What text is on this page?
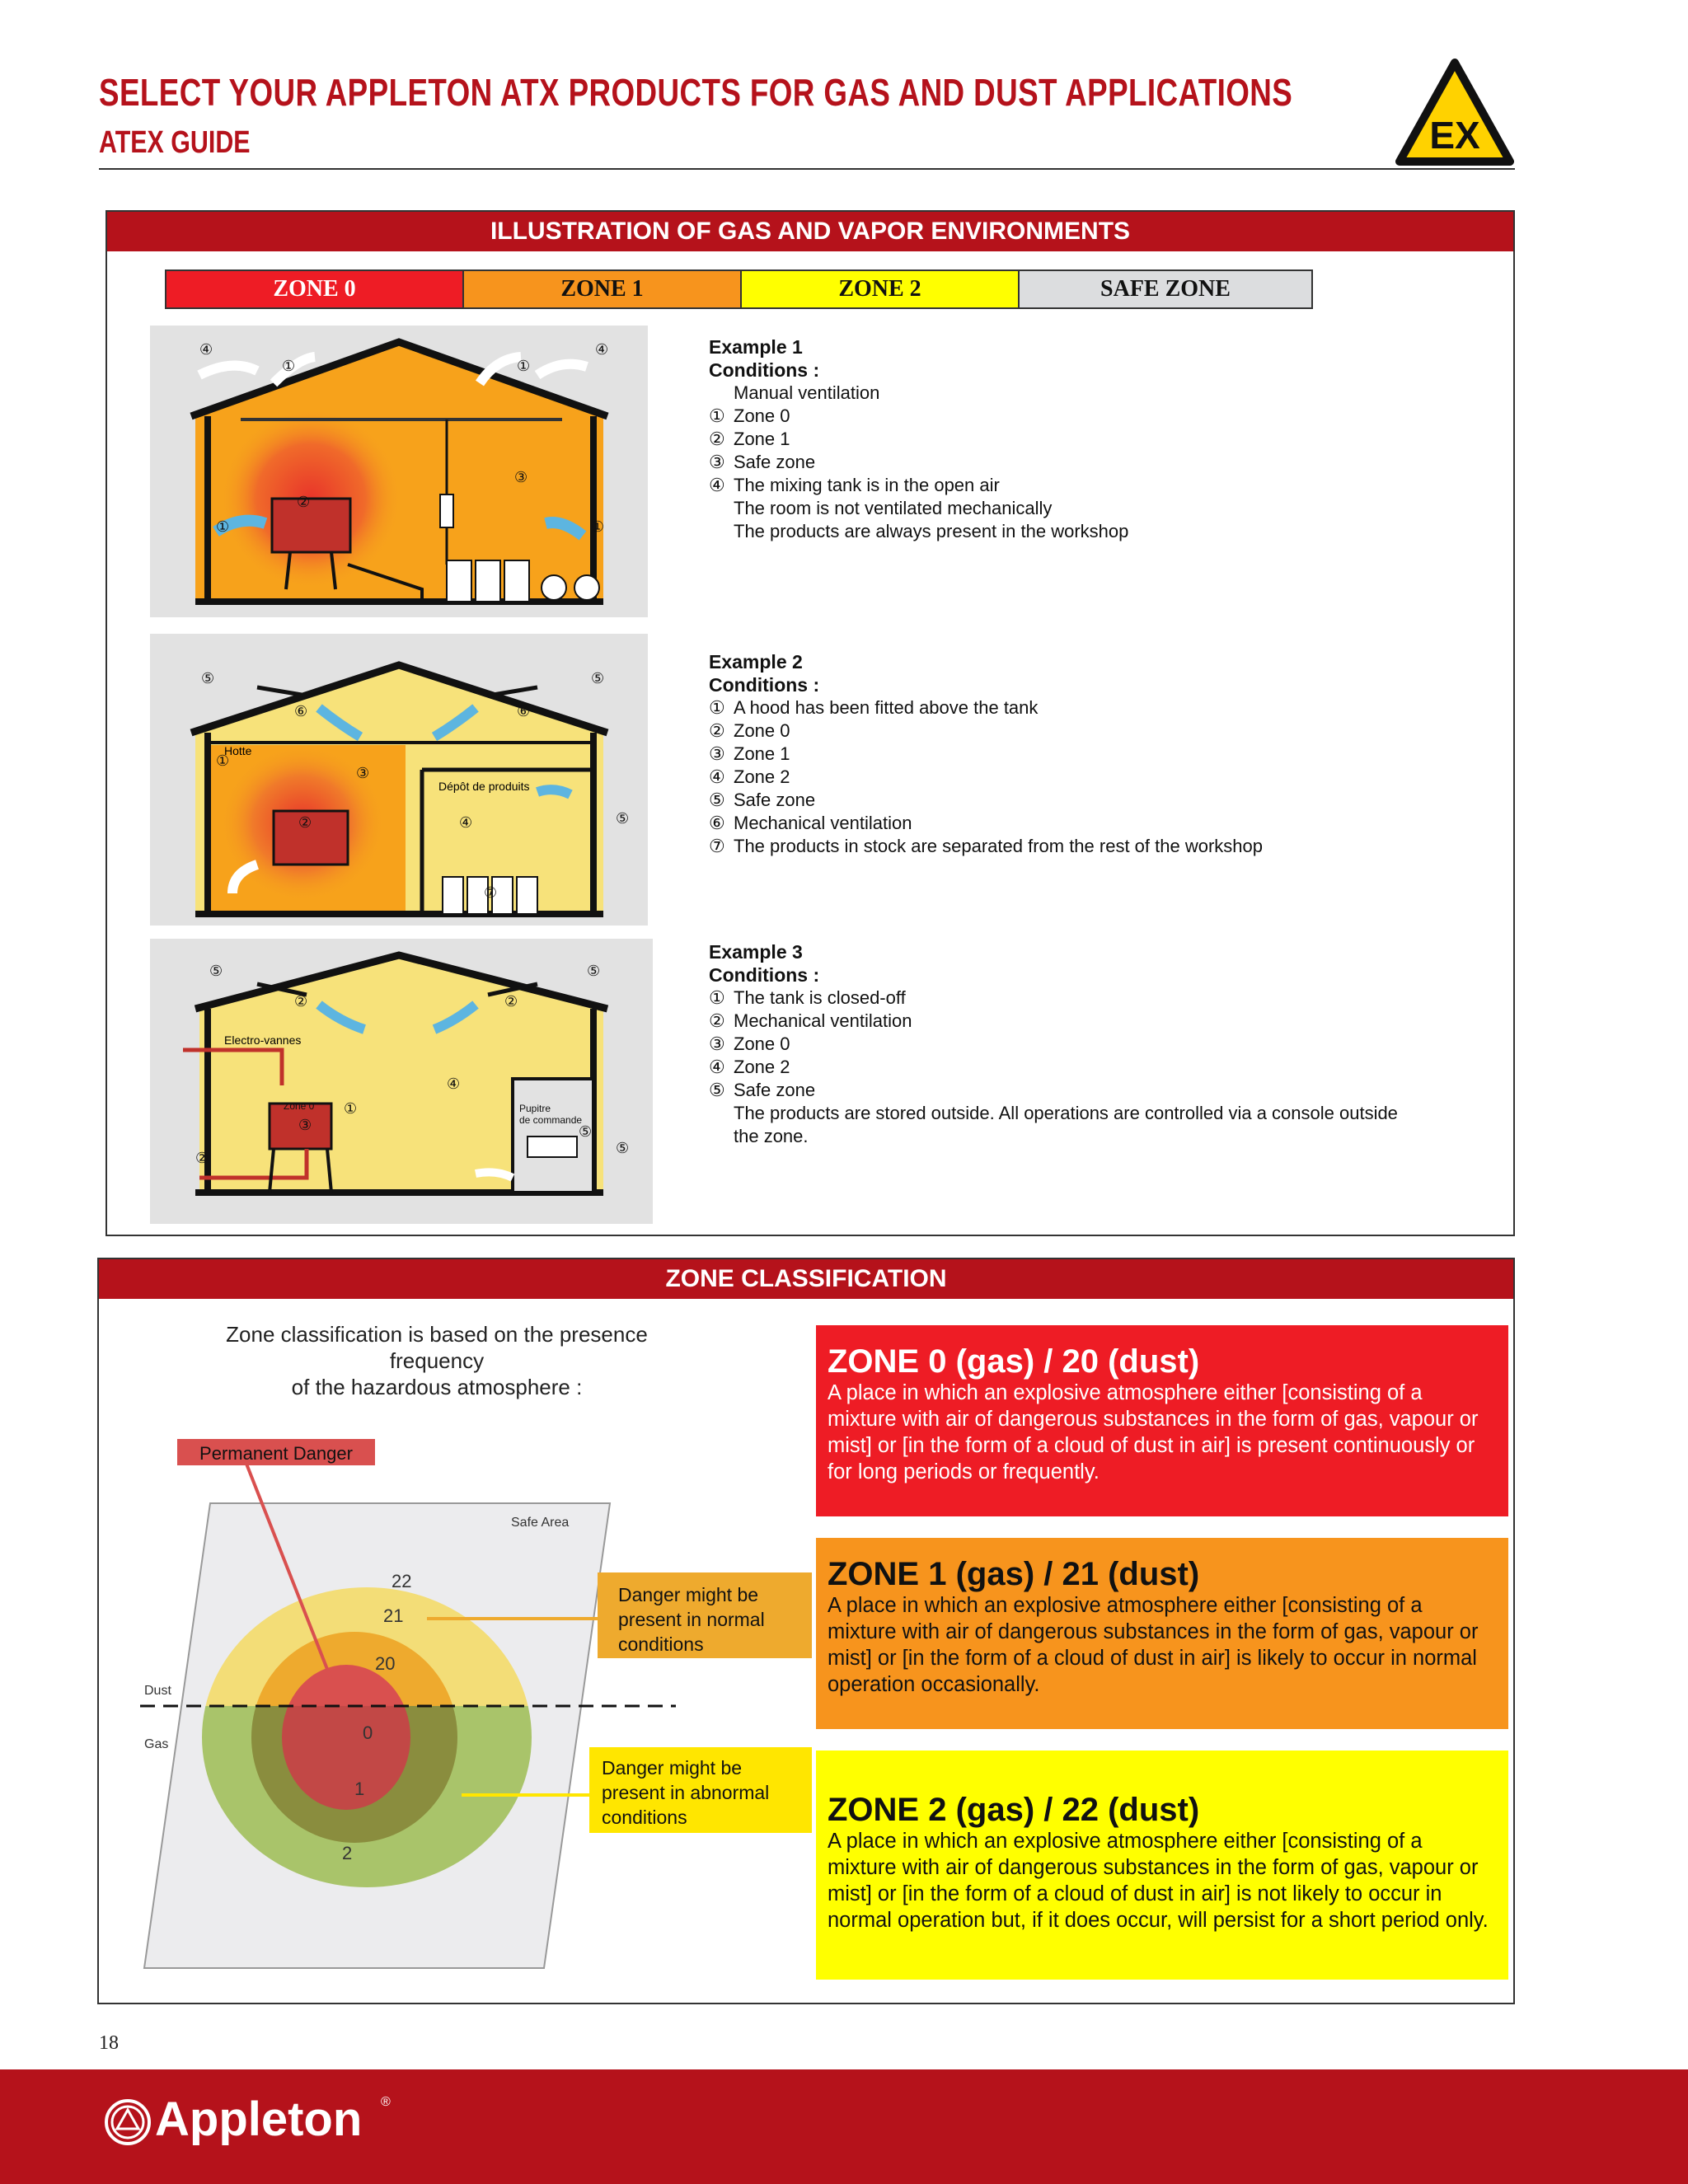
SELECT YOUR APPLETON ATX PRODUCTS FOR GAS AND DUST APPLICATIONS
ATEX GUIDE	EX
ILLUSTRATION OF GAS AND VAPOR ENVIRONMENTS
ZONE 0	ZONE 1	ZONE 2	SAFE ZONE
④	④
①	①
②
③
①	①
Example 1
Conditions :
Manual ventilation
① Zone 0
② Zone 1
③ Safe zone
④ The mixing tank is in the open air
The room is not ventilated mechanically
The products are always present in the workshop
Hotte
Dépôt de produits
⑤	⑤
⑥	⑥
①
②
③
④	⑤
⑦
Example 2
Conditions :
① A hood has been fitted above the tank
② Zone 0
③ Zone 1
④ Zone 2
⑤ Safe zone
⑥ Mechanical ventilation
⑦ The products in stock are separated from the rest of the workshop
Electro-vannes
Zone 0	Pupitre
de commande
⑤	⑤
②	②
④
①
③
②
⑤
⑤
Example 3
Conditions :
① The tank is closed-off
② Mechanical ventilation
③ Zone 0
④ Zone 2
⑤ Safe zone
The products are stored outside. All operations are controlled via a console outside the zone.
ZONE CLASSIFICATION
Zone classification is based on the presence frequency
of the hazardous atmosphere :
Permanent Danger
Safe Area
Dust
Gas
22
21
20
0
1
2
Danger might be
present in normal
conditions
Danger might be
present in abnormal
conditions
ZONE 0 (gas) / 20 (dust)

A place in which an explosive atmosphere either [consisting of a mixture with air of dangerous substances in the form of gas, vapour or mist] or [in the form of a cloud of dust in air] is present continuously or for long periods or frequently.

ZONE 1 (gas) / 21 (dust)

A place in which an explosive atmosphere either [consisting of a mixture with air of dangerous substances in the form of gas, vapour or mist] or [in the form of a cloud of dust in air] is likely to occur in normal operation occasionally.

ZONE 2 (gas) / 22 (dust)

A place in which an explosive atmosphere either [consisting of a mixture with air of dangerous substances in the form of gas, vapour or mist] or [in the form of a cloud of dust in air] is not likely to occur in normal operation but, if it does occur, will persist for a short period only.

18
Appleton ®
